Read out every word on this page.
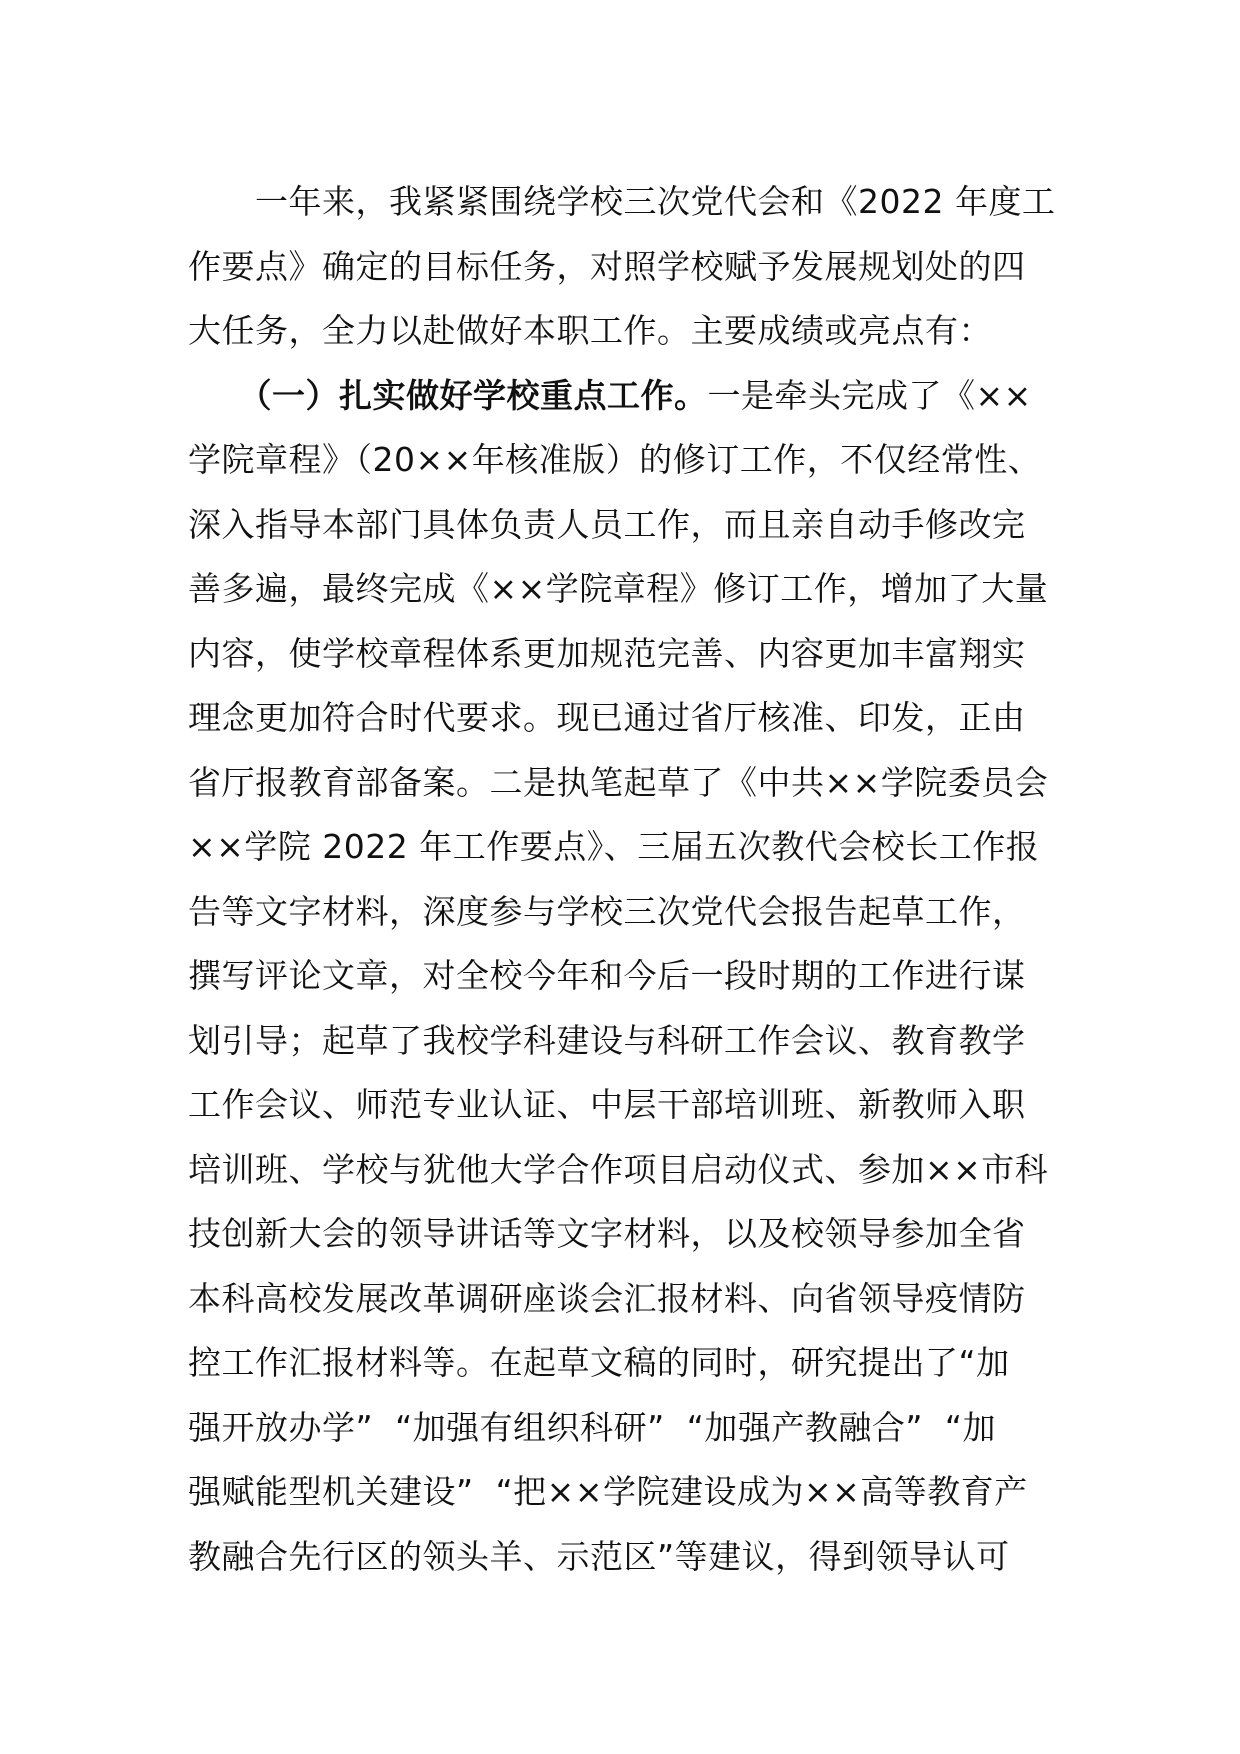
　　一年来，我紧紧围绕学校三次党代会和《2022 年度工
作要点》确定的目标任务，对照学校赋予发展规划处的四
大任务，全力以赴做好本职工作。主要成绩或亮点有：
　　（一）扎实做好学校重点工作。一是牵头完成了《××
学院章程》（20××年核准版）的修订工作，不仅经常性、
深入指导本部门具体负责人员工作，而且亲自动手修改完
善多遍，最终完成《××学院章程》修订工作，增加了大量
内容，使学校章程体系更加规范完善、内容更加丰富翔实
理念更加符合时代要求。现已通过省厅核准、印发，正由
省厅报教育部备案。二是执笔起草了《中共××学院委员会
××学院 2022 年工作要点》、三届五次教代会校长工作报
告等文字材料，深度参与学校三次党代会报告起草工作，
撰写评论文章，对全校今年和今后一段时期的工作进行谋
划引导；起草了我校学科建设与科研工作会议、教育教学
工作会议、师范专业认证、中层干部培训班、新教师入职
培训班、学校与犹他大学合作项目启动仪式、参加××市科
技创新大会的领导讲话等文字材料，以及校领导参加全省
本科高校发展改革调研座谈会汇报材料、向省领导疫情防
控工作汇报材料等。在起草文稿的同时，研究提出了“加
强开放办学”  “加强有组织科研”  “加强产教融合”  “加
强赋能型机关建设”  “把××学院建设成为××高等教育产
教融合先行区的领头羊、示范区”等建议，得到领导认可
